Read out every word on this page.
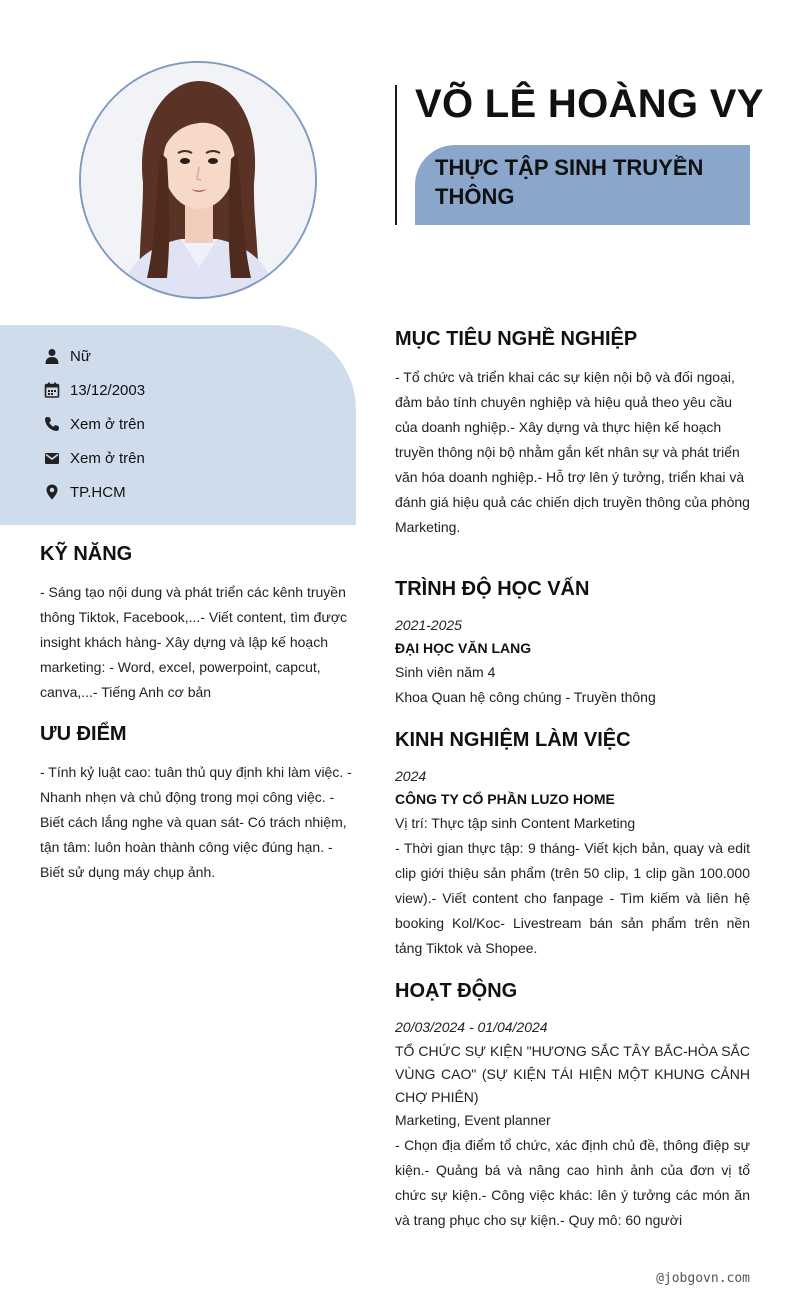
VÕ LÊ HOÀNG VY
THỰC TẬP SINH TRUYỀN THÔNG
Nữ
13/12/2003
Xem ở trên
Xem ở trên
TP.HCM
KỸ NĂNG
- Sáng tạo nội dung và phát triển các kênh truyền thông Tiktok, Facebook,...- Viết content, tìm được insight khách hàng- Xây dựng và lập kế hoạch marketing: - Word, excel, powerpoint, capcut, canva,...- Tiếng Anh cơ bản
ƯU ĐIỂM
- Tính kỷ luật cao: tuân thủ quy định khi làm việc. - Nhanh nhẹn và chủ động trong mọi công việc. - Biết cách lắng nghe và quan sát- Có trách nhiệm, tận tâm: luôn hoàn thành công việc đúng hạn. - Biết sử dụng máy chụp ảnh.
MỤC TIÊU NGHỀ NGHIỆP
- Tổ chức và triển khai các sự kiện nội bộ và đối ngoại, đảm bảo tính chuyên nghiệp và hiệu quả theo yêu cầu của doanh nghiệp.- Xây dựng và thực hiện kế hoạch truyền thông nội bộ nhằm gắn kết nhân sự và phát triển văn hóa doanh nghiệp.- Hỗ trợ lên ý tưởng, triển khai và đánh giá hiệu quả các chiến dịch truyền thông của phòng Marketing.
TRÌNH ĐỘ HỌC VẤN
2021-2025
ĐẠI HỌC VĂN LANG
Sinh viên năm 4
Khoa Quan hệ công chúng - Truyền thông
KINH NGHIỆM LÀM VIỆC
2024
CÔNG TY CỔ PHẦN LUZO HOME
Vị trí: Thực tập sinh Content Marketing
- Thời gian thực tập: 9 tháng- Viết kịch bản, quay và edit clip giới thiệu sản phẩm (trên 50 clip, 1 clip gần 100.000 view).- Viết content cho fanpage - Tìm kiếm và liên hệ booking Kol/Koc- Livestream bán sản phẩm trên nền tảng Tiktok và Shopee.
HOẠT ĐỘNG
20/03/2024 - 01/04/2024
TỔ CHỨC SỰ KIỆN "HƯƠNG SẮC TÂY BẮC-HÒA SẮC VÙNG CAO" (SỰ KIỆN TÁI HIỆN MỘT KHUNG CẢNH CHỢ PHIÊN)
Marketing, Event planner
- Chọn địa điểm tổ chức, xác định chủ đề, thông điệp sự kiện.- Quảng bá và nâng cao hình ảnh của đơn vị tổ chức sự kiện.- Công việc khác: lên ý tưởng các món ăn và trang phục cho sự kiện.- Quy mô: 60 người
@jobgovn.com
